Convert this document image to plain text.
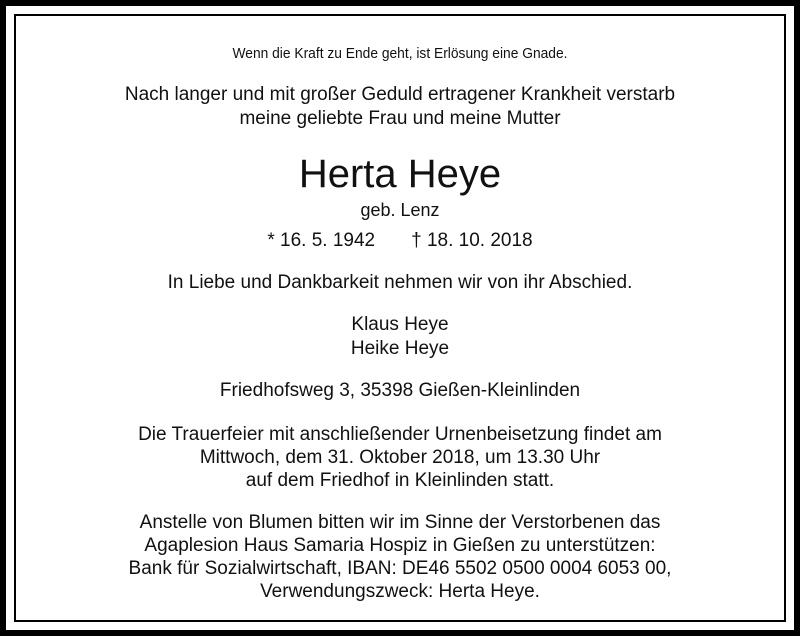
Wenn die Kraft zu Ende geht, ist Erlösung eine Gnade.
Nach langer und mit großer Geduld ertragener Krankheit verstarb
meine geliebte Frau und meine Mutter
Herta Heye
geb. Lenz
* 16. 5. 1942 † 18. 10. 2018
In Liebe und Dankbarkeit nehmen wir von ihr Abschied.
Klaus Heye
Heike Heye
Friedhofsweg 3, 35398 Gießen-Kleinlinden
Die Trauerfeier mit anschließender Urnenbeisetzung findet am
Mittwoch, dem 31. Oktober 2018, um 13.30 Uhr
auf dem Friedhof in Kleinlinden statt.
Anstelle von Blumen bitten wir im Sinne der Verstorbenen das
Agaplesion Haus Samaria Hospiz in Gießen zu unterstützen:
Bank für Sozialwirtschaft, IBAN: DE46 5502 0500 0004 6053 00,
Verwendungszweck: Herta Heye.
